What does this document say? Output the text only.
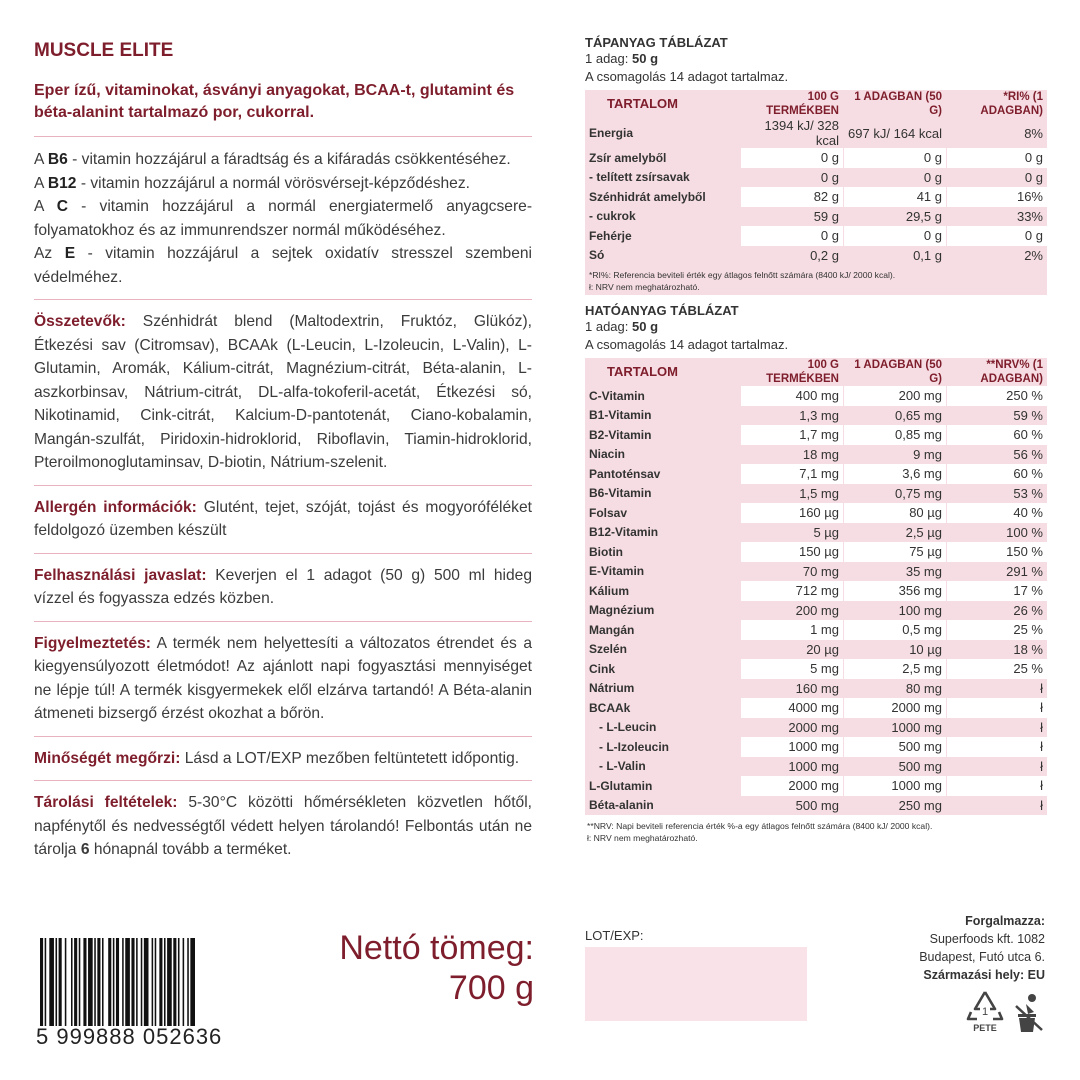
MUSCLE ELITE
Eper ízű, vitaminokat, ásványi anyagokat, BCAA-t, glutamint és béta-alanint tartalmazó por, cukorral.
A B6 - vitamin hozzájárul a fáradtság és a kifáradás csökkentéséhez.
A B12 - vitamin hozzájárul a normál vörösvérsejt-képződéshez.
A C - vitamin hozzájárul a normál energiatermelő anyagcsere-folyamatokhoz és az immunrendszer normál működéséhez.
Az E - vitamin hozzájárul a sejtek oxidatív stresszel szembeni védelméhez.
Összetevők: Szénhidrát blend (Maltodextrin, Fruktóz, Glükóz), Étkezési sav (Citromsav), BCAAk (L-Leucin, L-Izoleucin, L-Valin), L-Glutamin, Aromák, Kálium-citrát, Magnézium-citrát, Béta-alanin, L-aszkorbinsav, Nátrium-citrát, DL-alfa-tokoferil-acetát, Étkezési só, Nikotinamid, Cink-citrát, Kalcium-D-pantotenát, Ciano-kobalamin, Mangán-szulfát, Piridoxin-hidroklorid, Riboflavin, Tiamin-hidroklorid, Pteroilmonoglutaminsav, D-biotin, Nátrium-szelenit.
Allergén információk: Glutént, tejet, szóját, tojást és mogyoróféléket feldolgozó üzemben készült
Felhasználási javaslat: Keverjen el 1 adagot (50 g) 500 ml hideg vízzel és fogyassza edzés közben.
Figyelmeztetés: A termék nem helyettesíti a változatos étrendet és a kiegyensúlyozott életmódot! Az ajánlott napi fogyasztási mennyiséget ne lépje túl! A termék kisgyermekek elől elzárva tartandó! A Béta-alanin átmeneti bizsergő érzést okozhat a bőrön.
Minőségét megőrzi: Lásd a LOT/EXP mezőben feltüntetett időpontig.
Tárolási feltételek: 5-30°C közötti hőmérsékleten közvetlen hőtől, napfénytől és nedvességtől védett helyen tárolandó! Felbontás után ne tárolja 6 hónapnál tovább a terméket.
5 999888 052636
Nettó tömeg:
700 g
TÁPANYAG TÁBLÁZAT
1 adag: 50 g
A csomagolás 14 adagot tartalmaz.
TARTALOM	100 G TERMÉKBEN	1 ADAGBAN (50 G)	*RI% (1 ADAGBAN)
Energia	1394 kJ/ 328 kcal	697 kJ/ 164 kcal	8%
Zsír amelyből	0 g	0 g	0 g
- telített zsírsavak	0 g	0 g	0 g
Szénhidrát amelyből	82 g	41 g	16%
- cukrok	59 g	29,5 g	33%
Fehérje	0 g	0 g	0 g
Só	0,2 g	0,1 g	2%
*RI%: Referencia beviteli érték egy átlagos felnőtt számára (8400 kJ/ 2000 kcal).
ł: NRV nem meghatározható.
HATÓANYAG TÁBLÁZAT
1 adag: 50 g
A csomagolás 14 adagot tartalmaz.
TARTALOM	100 G TERMÉKBEN	1 ADAGBAN (50 G)	**NRV% (1 ADAGBAN)
C-Vitamin	400 mg	200 mg	250 %
B1-Vitamin	1,3 mg	0,65 mg	59 %
B2-Vitamin	1,7 mg	0,85 mg	60 %
Niacin	18 mg	9 mg	56 %
Pantoténsav	7,1 mg	3,6 mg	60 %
B6-Vitamin	1,5 mg	0,75 mg	53 %
Folsav	160 µg	80 µg	40 %
B12-Vitamin	5 µg	2,5 µg	100 %
Biotin	150 µg	75 µg	150 %
E-Vitamin	70 mg	35 mg	291 %
Kálium	712 mg	356 mg	17 %
Magnézium	200 mg	100 mg	26 %
Mangán	1 mg	0,5 mg	25 %
Szelén	20 µg	10 µg	18 %
Cink	5 mg	2,5 mg	25 %
Nátrium	160 mg	80 mg	ł
BCAAk	4000 mg	2000 mg	ł
- L-Leucin	2000 mg	1000 mg	ł
- L-Izoleucin	1000 mg	500 mg	ł
- L-Valin	1000 mg	500 mg	ł
L-Glutamin	2000 mg	1000 mg	ł
Béta-alanin	500 mg	250 mg	ł
**NRV: Napi beviteli referencia érték %-a egy átlagos felnőtt számára (8400 kJ/ 2000 kcal).
ł: NRV nem meghatározható.
LOT/EXP:
Forgalmazza:
Superfoods kft. 1082
Budapest, Futó utca 6.
Származási hely: EU
1
PETE
